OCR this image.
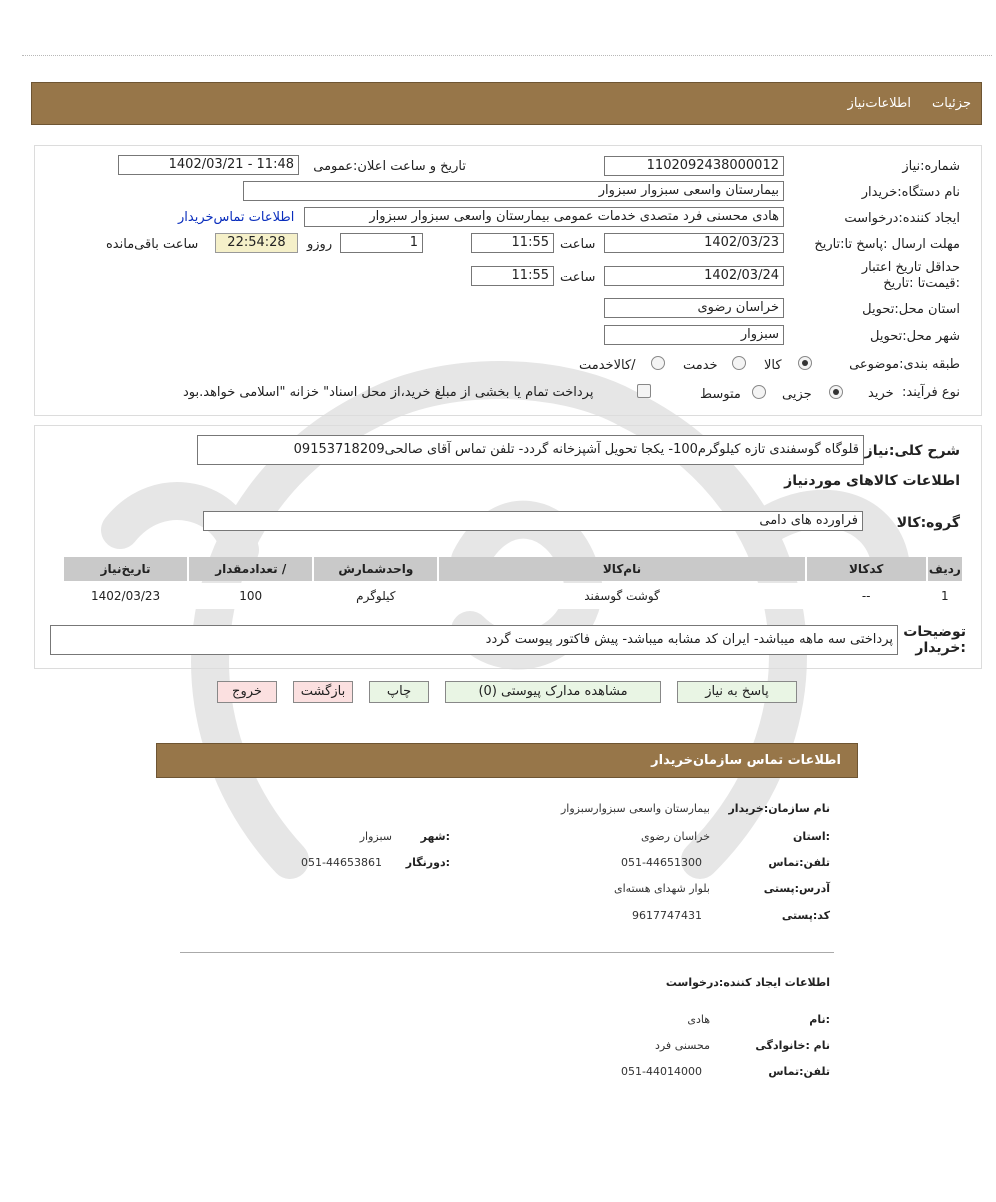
جزئیات
اطلاعات‌نیاز
شماره:نیاز
1102092438000012
تاریخ و ساعت اعلان:عمومی
1402/03/21 - 11:48
نام دستگاه:خریدار
بیمارستان واسعی سبزوار سبزوار
ایجاد کننده:درخواست
هادی محسنی فرد متصدی خدمات عمومی بیمارستان واسعی سبزوار سبزوار
اطلاعات تماس‌خریدار
مهلت ارسال :پاسخ تا:تاریخ
1402/03/23
ساعت
11:55
1
روزو
22:54:28
ساعت باقی‌مانده
حداقل تاریخ اعتبار :قیمت‌تا :تاریخ
1402/03/24
ساعت
11:55
استان محل:تحویل
خراسان رضوی
شهر محل:تحویل
سبزوار
طبقه بندی:موضوعی
کالا
خدمت
/کالاخدمت
نوع فرآیند:
خرید
جزیی
متوسط
پرداخت تمام یا بخشی از مبلغ خرید،از محل اسناد" خزانه "اسلامی خواهد.بود
شرح کلی:نیاز
قلوگاه گوسفندی تازه کیلوگرم100- یکجا تحویل آشپزخانه گردد- تلفن تماس آقای صالحی09153718209
اطلاعات کالاهای موردنیاز
گروه:کالا
فراورده های دامی
ردیف	کدکالا	نام‌کالا	واحدشمارش	/ تعدادمقدار	تاریخ‌نیاز
1	--	گوشت گوسفند	کیلوگرم	100	1402/03/23
توضیحات :خریدار
پرداختی سه ماهه میباشد- ایران کد مشابه میباشد- پیش فاکتور پیوست گردد
پاسخ به نیاز
مشاهده مدارک پیوستی (0)
چاپ
بازگشت
خروج
اطلاعات تماس سازمان‌خریدار
نام سازمان:خریدار
بیمارستان واسعی سبزوارسبزوار
:استان
خراسان رضوی
:شهر
سبزوار
تلفن:تماس
051-44651300
:دورنگار
051-44653861
آدرس:پستی
بلوار شهدای هسته‌ای
کد:پستی
9617747431
اطلاعات ایجاد کننده:درخواست
:نام
هادی
نام :خانوادگی
محسنی فرد
تلفن:تماس
051-44014000
